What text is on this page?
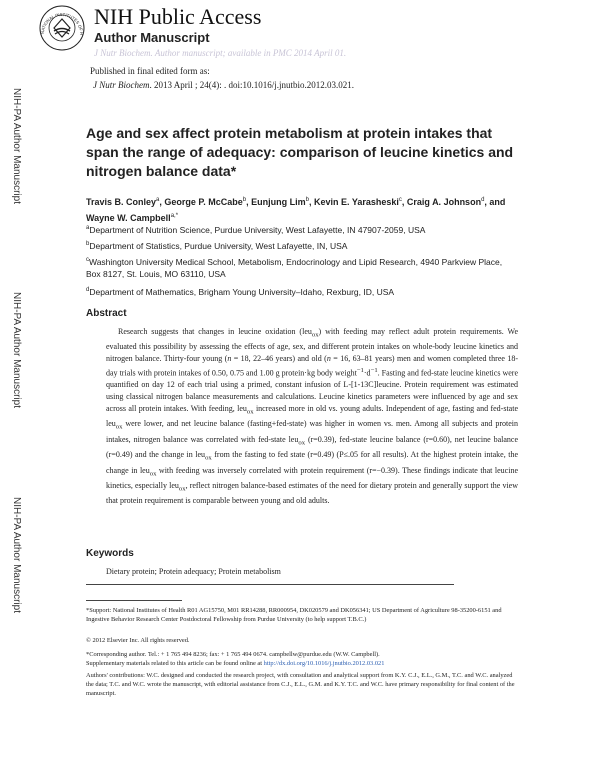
NATIONAL INSTITUTES OF H
NIH Public Access
Author Manuscript
J Nutr Biochem. Author manuscript; available in PMC 2014 April 01.
Published in final edited form as:
J Nutr Biochem. 2013 April ; 24(4): . doi:10.1016/j.jnutbio.2012.03.021.
NIH-PA Author Manuscript
NIH-PA Author Manuscript
NIH-PA Author Manuscript
Age and sex affect protein metabolism at protein intakes that span the range of adequacy: comparison of leucine kinetics and nitrogen balance data*
Travis B. Conley$^a$, George P. McCabe$^b$, Eunjung Lim$^b$, Kevin E. Yarasheski$^c$, Craig A. Johnson$^d$, and Wayne W. Campbell$^{a,*}$
$^a$Department of Nutrition Science, Purdue University, West Lafayette, IN 47907-2059, USA
$^b$Department of Statistics, Purdue University, West Lafayette, IN, USA
$^c$Washington University Medical School, Metabolism, Endocrinology and Lipid Research, 4940 Parkview Place, Box 8127, St. Louis, MO 63110, USA
$^d$Department of Mathematics, Brigham Young University–Idaho, Rexburg, ID, USA
Abstract
Research suggests that changes in leucine oxidation (leu$_{ox}$) with feeding may reflect adult protein requirements. We evaluated this possibility by assessing the effects of age, sex, and different protein intakes on whole-body leucine kinetics and nitrogen balance. Thirty-four young (n = 18, 22–46 years) and old (n = 16, 63–81 years) men and women completed three 18-day trials with protein intakes of 0.50, 0.75 and 1.00 g protein·kg body $weight^{-1}\cdot d^{-1}$. Fasting and fed-state leucine kinetics were quantified on day 12 of each trial using a primed, constant infusion of L-[1-13C]leucine. Protein requirement was estimated using classical nitrogen balance measurements and calculations. Leucine kinetics parameters were influenced by age and sex across all protein intakes. With feeding, leu$_{ox}$ increased more in old vs. young adults. Independent of age, fasting and fed-state leu$_{ox}$ were lower, and net leucine balance (fasting+fed-state) was higher in women vs. men. Among all subjects and protein intakes, nitrogen balance was correlated with fed-state leu$_{ox}$ (r=0.39), fed-state leucine balance (r=0.60), net leucine balance (r=0.49) and the change in leu$_{ox}$ from the fasting to fed state (r=0.49) (P≤.05 for all results). At the highest protein intake, the change in leu$_{ox}$ with feeding was inversely correlated with protein requirement (r=−0.39). These findings indicate that leucine kinetics, especially leu$_{ox}$, reflect nitrogen balance-based estimates of the need for dietary protein and generally support the view that protein requirement is comparable between young and old adults.
Keywords
Dietary protein; Protein adequacy; Protein metabolism
*Support: National Institutes of Health R01 AG15750, M01 RR14288, RR000954, DK020579 and DK056341; US Department of Agriculture 98-35200-6151 and Ingestive Behavior Research Center Postdoctoral Fellowship from Purdue University (to help support T.B.C.)
© 2012 Elsevier Inc. All rights reserved.
*Corresponding author. Tel.: + 1 765 494 8236; fax: + 1 765 494 0674. campbellw@purdue.edu (W.W. Campbell).
Supplementary materials related to this article can be found online at http://dx.doi.org/10.1016/j.jnutbio.2012.03.021
Authors' contributions: W.C. designed and conducted the research project, with consultation and analytical support from K.Y. C.J., E.L., G.M., T.C. and W.C. analyzed the data; T.C. and W.C. wrote the manuscript, with editorial assistance from C.J., E.L., G.M. and K.Y. T.C. and W.C. have primary responsibility for final content of the manuscript.
